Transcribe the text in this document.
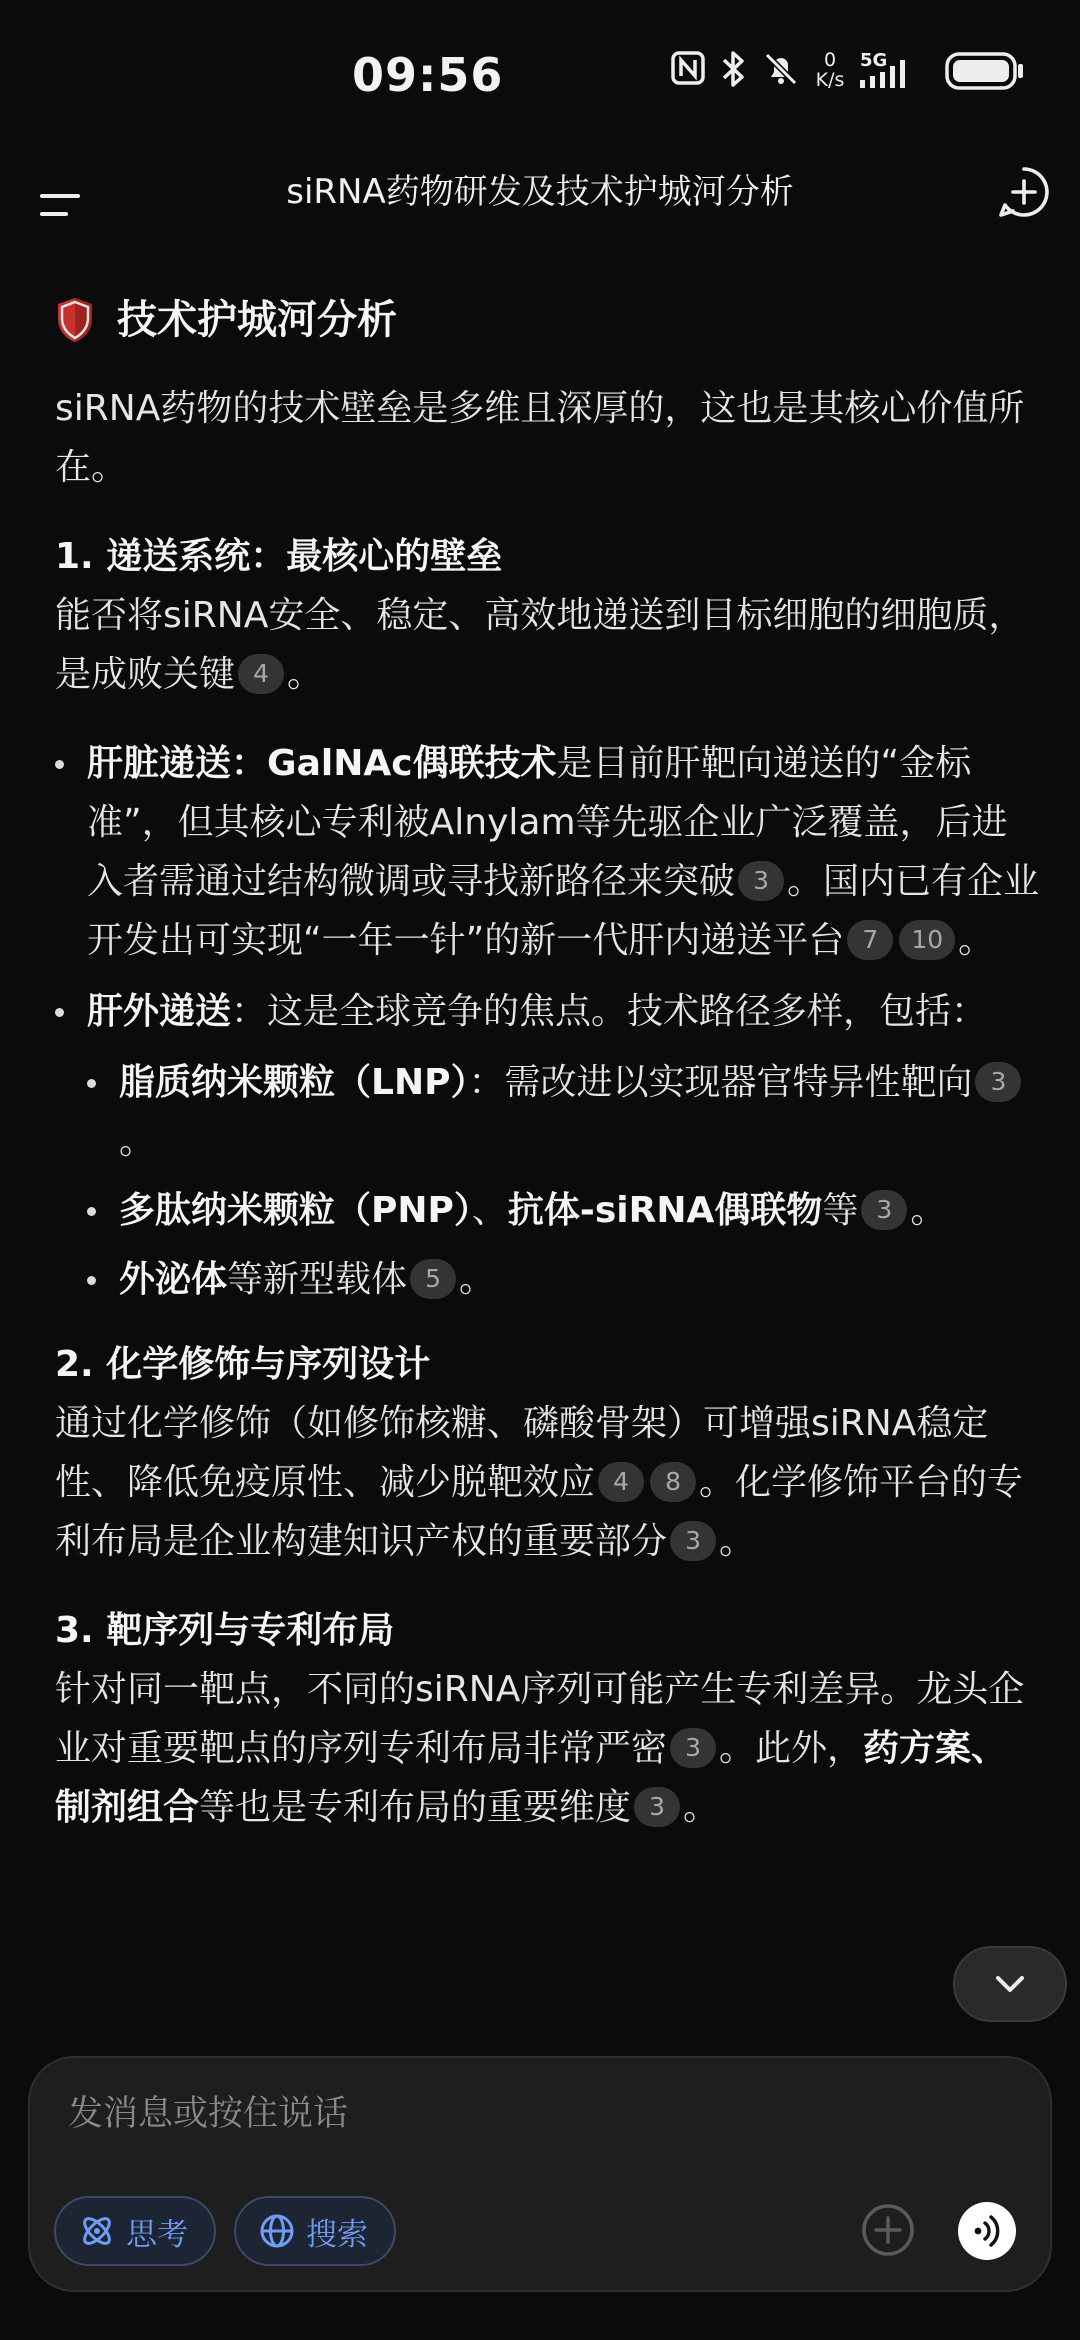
09:56	0
K/s
5G
siRNA药物研发及技术护城河分析
技术护城河分析

siRNA药物的技术壁垒是多维且深厚的，这也是其核心价值所在。

1. 递送系统：最核心的壁垒

能否将siRNA安全、稳定、高效地递送到目标细胞的细胞质，是成败关键 4 。

肝脏递送：GalNAc偶联技术是目前肝靶向递送的“金标准”，但其核心专利被Alnylam等先驱企业广泛覆盖，后进入者需通过结构微调或寻找新路径来突破 3 。国内已有企业开发出可实现“一年一针”的新一代肝内递送平台 7 10 。
肝外递送：这是全球竞争的焦点。技术路径多样，包括：
脂质纳米颗粒（LNP）：需改进以实现器官特异性靶向 3。
多肽纳米颗粒（PNP）、抗体-siRNA偶联物等 3 。
外泌体等新型载体 5 。
2. 化学修饰与序列设计

通过化学修饰（如修饰核糖、磷酸骨架）可增强siRNA稳定性、降低免疫原性、减少脱靶效应 4 8 。化学修饰平台的专利布局是企业构建知识产权的重要部分 3 。

3. 靶序列与专利布局

针对同一靶点，不同的siRNA序列可能产生专利差异。龙头企业对重要靶点的序列专利布局非常严密 3 。此外，药方案、制剂组合等也是专利布局的重要维度 3 。

发消息或按住说话
思考	搜索
